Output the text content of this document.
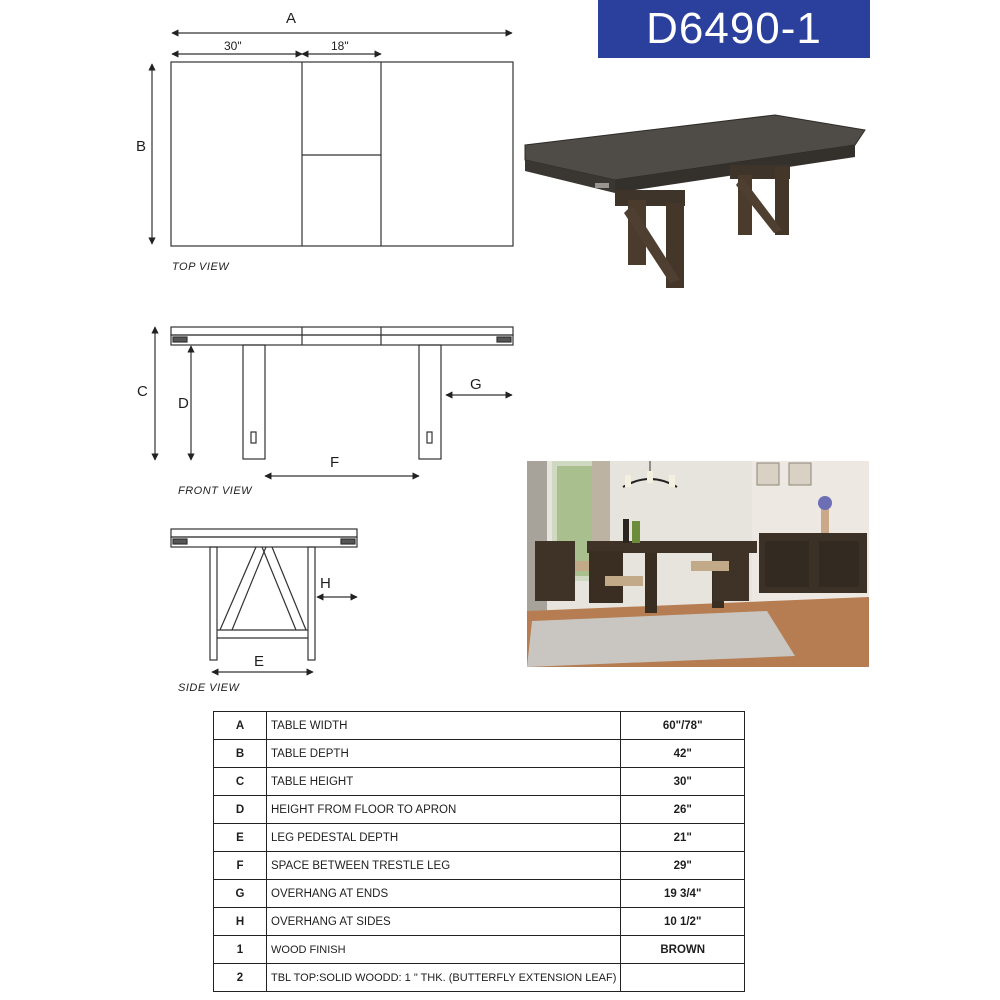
D6490-1
A
30"	18"
B
TOP VIEW
C
D
F
G
FRONT VIEW
E
H
SIDE VIEW
A	TABLE WIDTH	60"/78"
B	TABLE DEPTH	42"
C	TABLE HEIGHT	30"
D	HEIGHT FROM FLOOR TO APRON	26"
E	LEG PEDESTAL DEPTH	21"
F	SPACE BETWEEN TRESTLE LEG	29"
G	OVERHANG AT ENDS	19 3/4"
H	OVERHANG AT SIDES	10 1/2"
1	WOOD FINISH	BROWN
2	TBL TOP:SOLID WOODD: 1 " THK. (BUTTERFLY EXTENSION LEAF)	
